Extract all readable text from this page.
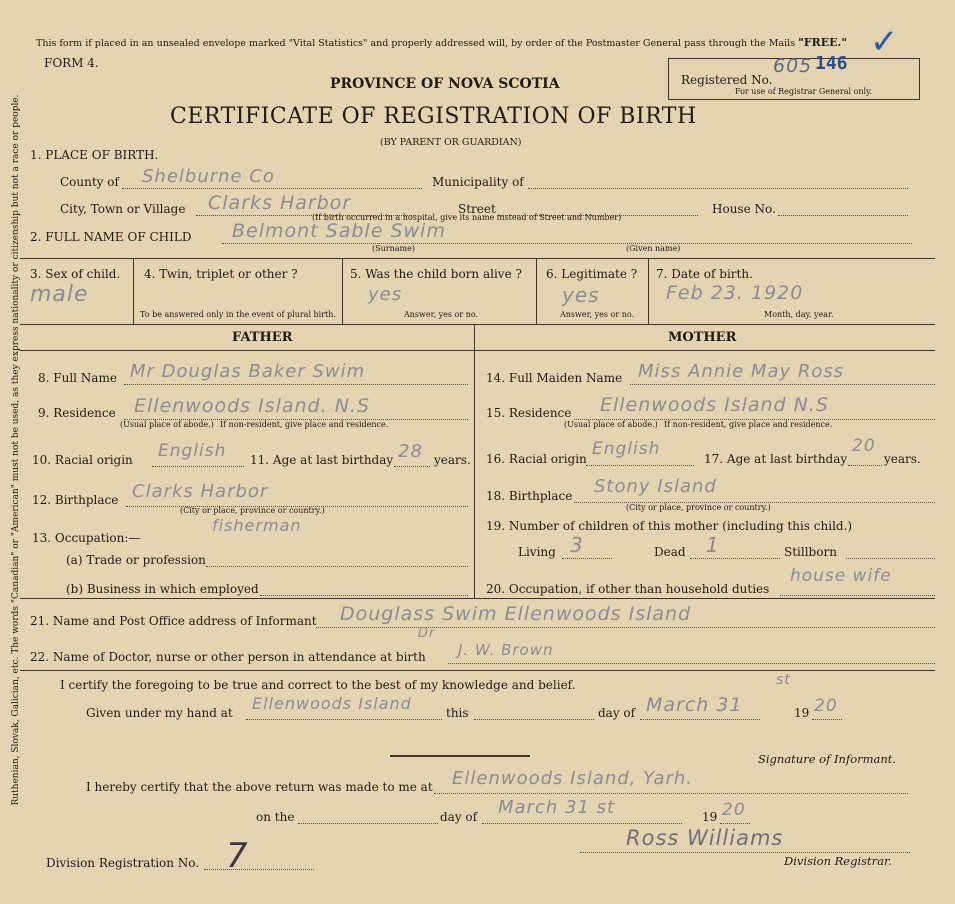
Ruthenian, Slovak, Galician, etc. The words "Canadian" or "American" must not be used, as they express nationality or citizenship but not a race or people.
This form if placed in an unsealed envelope marked "Vital Statistics" and properly addressed will, by order of the Postmaster General pass through the Mails "FREE." ✓
FORM 4.
PROVINCE OF NOVA SCOTIA	Registered No.
605 146
For use of Registrar General only.
CERTIFICATE OF REGISTRATION OF BIRTH
(BY PARENT OR GUARDIAN)
1. PLACE OF BIRTH.
County of Shelburne Co	Municipality of
City, Town or Village Clarks Harbor	Street	House No.
(If birth occurred in a hospital, give its name instead of Street and Number)
2. FULL NAME OF CHILD Belmont Sable Swim
(Surname)	(Given name)
3. Sex of child.
male
4. Twin, triplet or other ?
To be answered only in the event of plural birth.
5. Was the child born alive ?
yes
Answer, yes or no.
6. Legitimate ?
yes
Answer, yes or no.
7. Date of birth.
Feb 23. 1920
Month, day, year.
FATHER	MOTHER
8. Full Name Mr Douglas Baker Swim
9. Residence Ellenwoods Island. N.S
(Usual place of abode.) If non-resident, give place and residence.
10. Racial origin English 11. Age at last birthday 28 years.
12. Birthplace Clarks Harbor
(City or place, province or country.)
13. Occupation:—
fisherman
(a) Trade or profession
(b) Business in which employed
14. Full Maiden Name Miss Annie May Ross
15. Residence Ellenwoods Island N.S
(Usual place of abode.) If non-resident, give place and residence.
16. Racial origin English	17. Age at last birthday
20
years.
18. Birthplace Stony Island
(City or place, province or country.)
19. Number of children of this mother (including this child.)
Living 3	Dead 1	Stillborn
20. Occupation, if other than household duties
house wife
21. Name and Post Office address of Informant Douglass Swim Ellenwoods Island
22. Name of Doctor, nurse or other person in attendance at birth
Dr
J. W. Brown
I certify the foregoing to be true and correct to the best of my knowledge and belief.
Given under my hand at Ellenwoods Island	this	day of March 31
st
19 20
Signature of Informant.
I hereby certify that the above return was made to me at Ellenwoods Island, Yarh.
on the	day of March 31 st	19 20
Ross Williams
Division Registrar.
Division Registration No. 7
